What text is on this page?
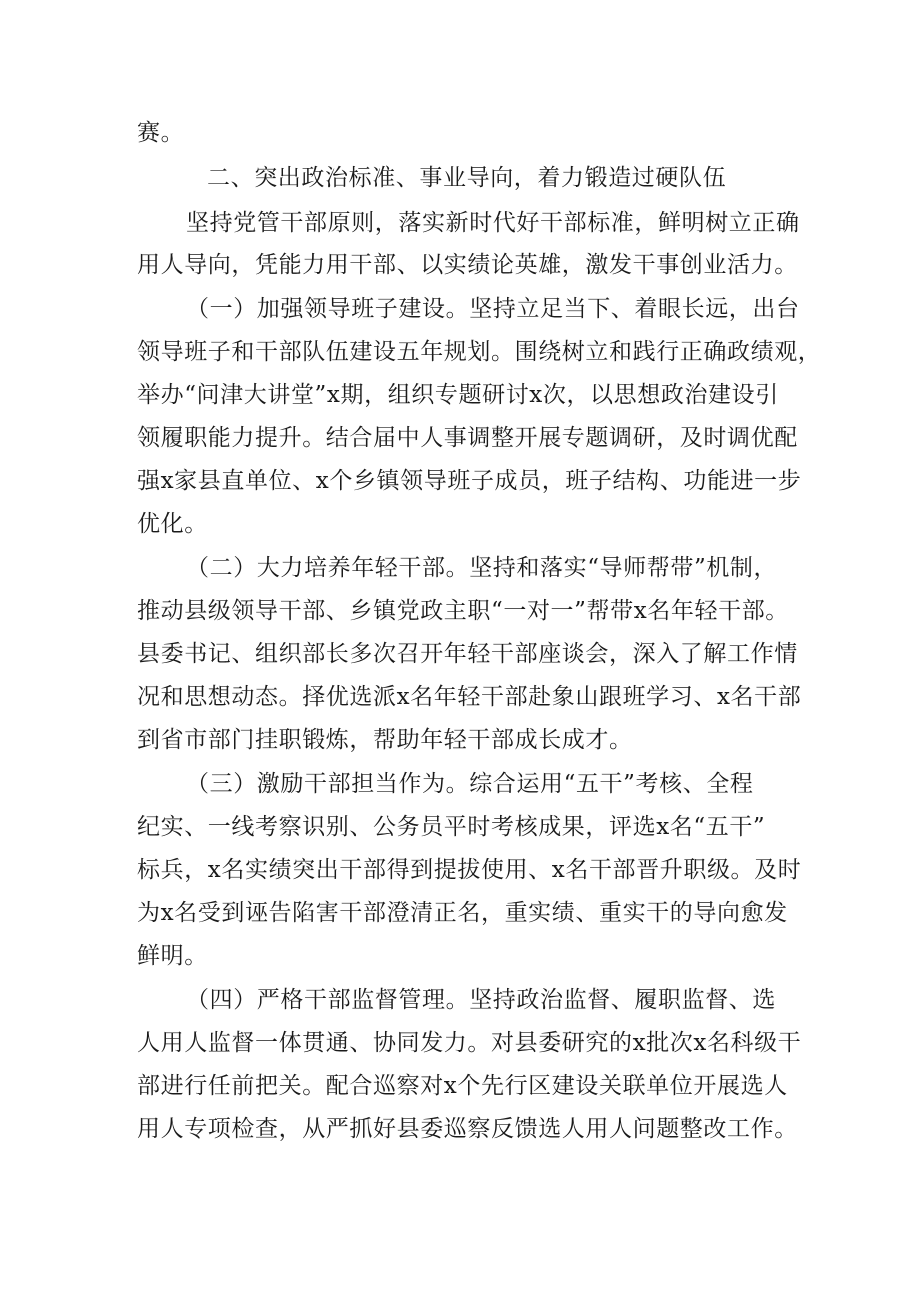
赛。
二、突出政治标准、事业导向，着力锻造过硬队伍
坚持党管干部原则，落实新时代好干部标准，鲜明树立正确
用人导向，凭能力用干部、以实绩论英雄，激发干事创业活力。
（一）加强领导班子建设。坚持立足当下、着眼长远，出台
领导班子和干部队伍建设五年规划。围绕树立和践行正确政绩观，
举办“问津大讲堂”x期，组织专题研讨x次，以思想政治建设引
领履职能力提升。结合届中人事调整开展专题调研，及时调优配
强x家县直单位、x个乡镇领导班子成员，班子结构、功能进一步
优化。
（二）大力培养年轻干部。坚持和落实“导师帮带”机制，
推动县级领导干部、乡镇党政主职“一对一”帮带x名年轻干部。
县委书记、组织部长多次召开年轻干部座谈会，深入了解工作情
况和思想动态。择优选派x名年轻干部赴象山跟班学习、x名干部
到省市部门挂职锻炼，帮助年轻干部成长成才。
（三）激励干部担当作为。综合运用“五干”考核、全程
纪实、一线考察识别、公务员平时考核成果，评选x名“五干”
标兵，x名实绩突出干部得到提拔使用、x名干部晋升职级。及时
为x名受到诬告陷害干部澄清正名，重实绩、重实干的导向愈发
鲜明。
（四）严格干部监督管理。坚持政治监督、履职监督、选
人用人监督一体贯通、协同发力。对县委研究的x批次x名科级干
部进行任前把关。配合巡察对x个先行区建设关联单位开展选人
用人专项检查，从严抓好县委巡察反馈选人用人问题整改工作。
